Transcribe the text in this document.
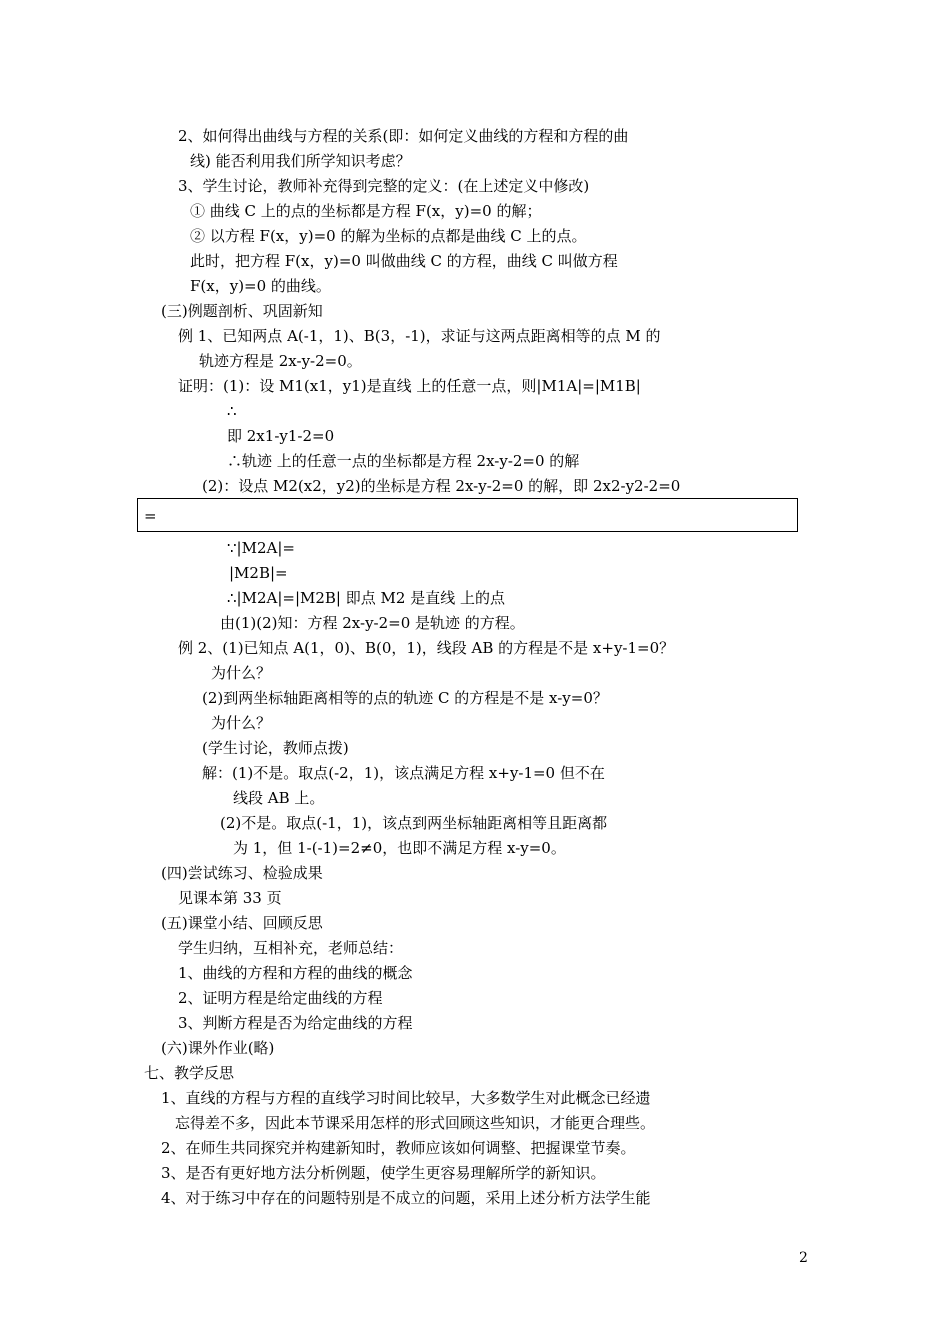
2、如何得出曲线与方程的关系(即：如何定义曲线的方程和方程的曲
线) 能否利用我们所学知识考虑？
3、学生讨论，教师补充得到完整的定义：(在上述定义中修改)
① 曲线 C 上的点的坐标都是方程 F(x，y)=0 的解；
② 以方程 F(x，y)=0 的解为坐标的点都是曲线 C 上的点。
此时，把方程 F(x，y)=0 叫做曲线 C 的方程，曲线 C 叫做方程
F(x，y)=0 的曲线。
(三)例题剖析、巩固新知
例 1、已知两点 A(-1，1)、B(3，-1)，求证与这两点距离相等的点 M 的
轨迹方程是 2x-y-2=0。
证明：(1)：设 M1(x1，y1)是直线 上的任意一点，则|M1A|=|M1B|
∴
即 2x1-y1-2=0
∴轨迹 上的任意一点的坐标都是方程 2x-y-2=0 的解
(2)：设点 M2(x2，y2)的坐标是方程 2x-y-2=0 的解，即 2x2-y2-2=0
=
∵|M2A|=
|M2B|=
∴|M2A|=|M2B| 即点 M2 是直线 上的点
由(1)(2)知：方程 2x-y-2=0 是轨迹 的方程。
例 2、(1)已知点 A(1，0)、B(0，1)，线段 AB 的方程是不是 x+y-1=0？
为什么？
(2)到两坐标轴距离相等的点的轨迹 C 的方程是不是 x-y=0？
为什么？
(学生讨论，教师点拨)
解：(1)不是。取点(-2，1)，该点满足方程 x+y-1=0 但不在
线段 AB 上。
(2)不是。取点(-1，1)，该点到两坐标轴距离相等且距离都
为 1，但 1-(-1)=2≠0，也即不满足方程 x-y=0。
(四)尝试练习、检验成果
见课本第 33 页
(五)课堂小结、回顾反思
学生归纳，互相补充，老师总结：
1、曲线的方程和方程的曲线的概念
2、证明方程是给定曲线的方程
3、判断方程是否为给定曲线的方程
(六)课外作业(略)
七、教学反思
1、直线的方程与方程的直线学习时间比较早，大多数学生对此概念已经遗
忘得差不多，因此本节课采用怎样的形式回顾这些知识，才能更合理些。
2、在师生共同探究并构建新知时，教师应该如何调整、把握课堂节奏。
3、是否有更好地方法分析例题，使学生更容易理解所学的新知识。
4、对于练习中存在的问题特别是不成立的问题，采用上述分析方法学生能
2
